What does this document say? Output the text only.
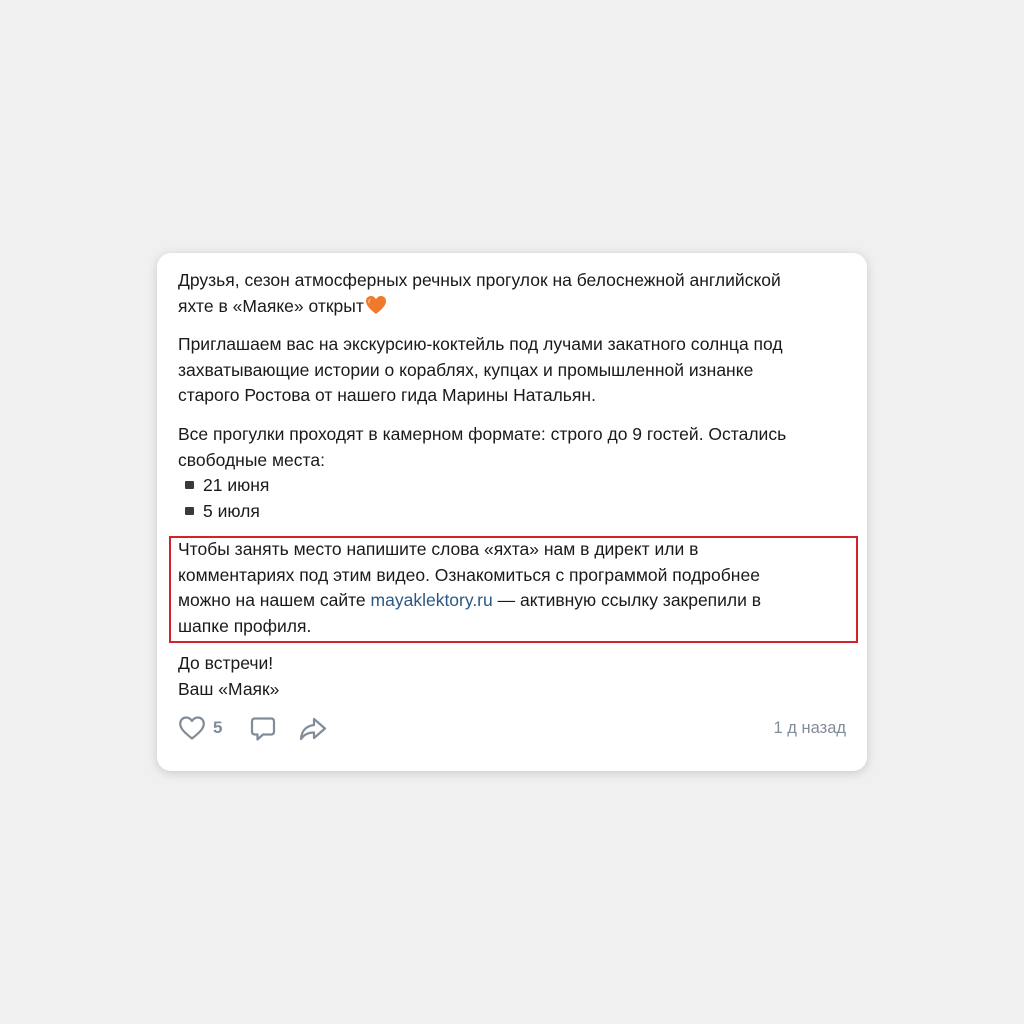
Друзья, сезон атмосферных речных прогулок на белоснежной английской
яхте в «Маяке» открыт
Приглашаем вас на экскурсию-коктейль под лучами закатного солнца под
захватывающие истории о кораблях, купцах и промышленной изнанке
старого Ростова от нашего гида Марины Натальян.
Все прогулки проходят в камерном формате: строго до 9 гостей. Остались
свободные места:
21 июня
5 июля
Чтобы занять место напишите слова «яхта» нам в директ или в
комментариях под этим видео. Ознакомиться с программой подробнее
можно на нашем сайте mayaklektory.ru — активную ссылку закрепили в
шапке профиля.
До встречи!
Ваш «Маяк»
5	1 д назад
